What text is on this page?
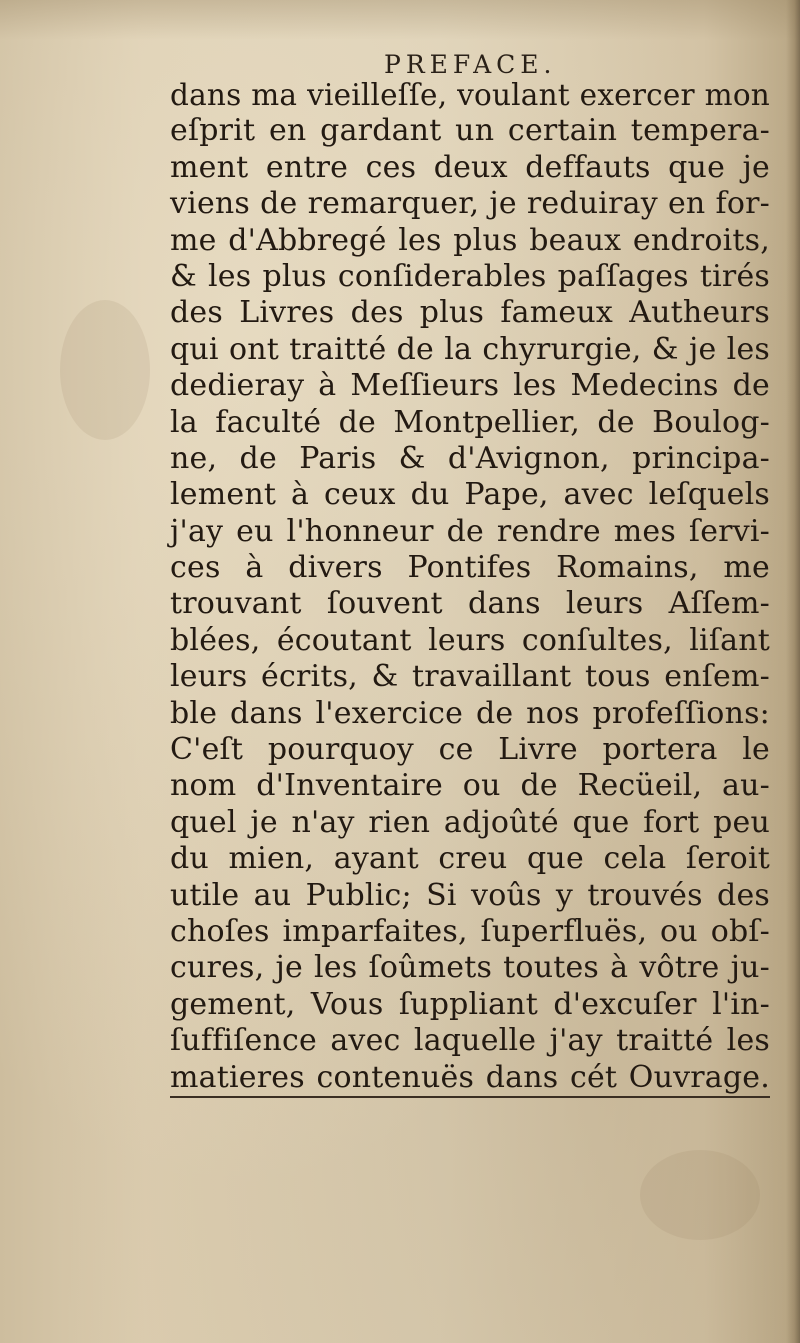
PREFACE.
dans ma vieilleſſe, voulant exercer mon
eſprit en gardant un certain tempera-
ment entre ces deux deffauts que je
viens de remarquer, je reduiray en for-
me d'Abbregé les plus beaux endroits,
& les plus conſiderables paſſages tirés
des Livres des plus fameux Autheurs
qui ont traitté de la chyrurgie, & je les
dedieray à Meſſieurs les Medecins de
la faculté de Montpellier, de Boulog-
ne, de Paris & d'Avignon, principa-
lement à ceux du Pape, avec leſquels
j'ay eu l'honneur de rendre mes ſervi-
ces à divers Pontifes Romains, me
trouvant ſouvent dans leurs Aſſem-
blées, écoutant leurs conſultes, liſant
leurs écrits, & travaillant tous enſem-
ble dans l'exercice de nos profeſſions:
C'eſt pourquoy ce Livre portera le
nom d'Inventaire ou de Recüeil, au-
quel je n'ay rien adjoûté que fort peu
du mien, ayant creu que cela ſeroit
utile au Public; Si voûs y trouvés des
choſes imparfaites, ſuperfluës, ou obſ-
cures, je les ſoûmets toutes à vôtre ju-
gement, Vous ſuppliant d'excuſer l'in-
ſuffiſence avec laquelle j'ay traitté les
matieres contenuës dans cét Ouvrage.
